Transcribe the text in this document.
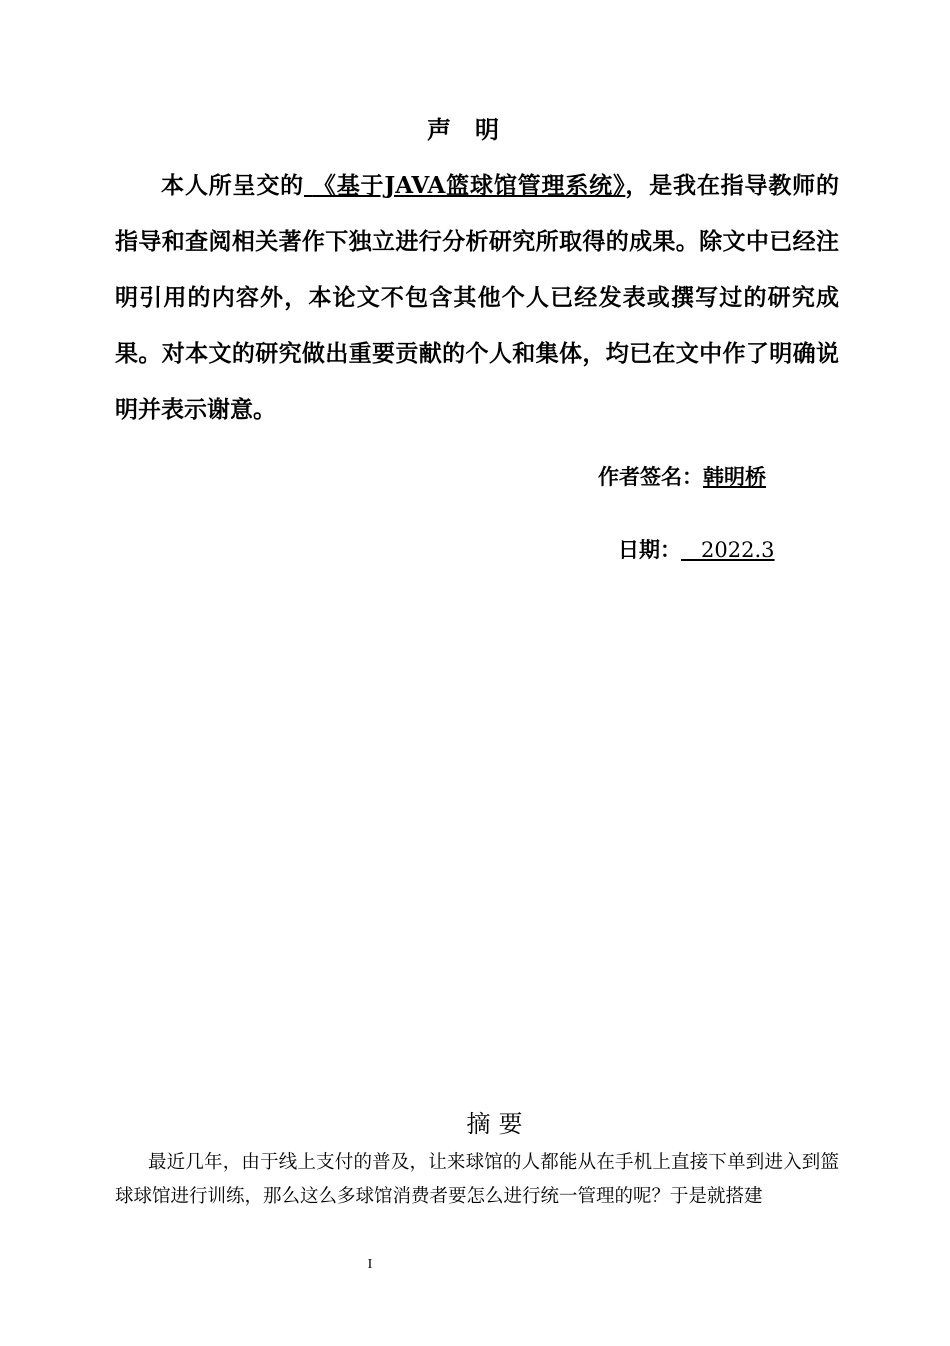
声明

本人所呈交的 《基于JAVA篮球馆管理系统》，是我在指导教师的指导和查阅相关著作下独立进行分析研究所取得的成果。除文中已经注明引用的内容外，本论文不包含其他个人已经发表或撰写过的研究成果。对本文的研究做出重要贡献的个人和集体，均已在文中作了明确说明并表示谢意。

作者签名：韩明桥
日期： 2022.3
摘要

最近几年，由于线上支付的普及，让来球馆的人都能从在手机上直接下单到进入到篮球球馆进行训练，那么这么多球馆消费者要怎么进行统一管理的呢？于是就搭建

I
